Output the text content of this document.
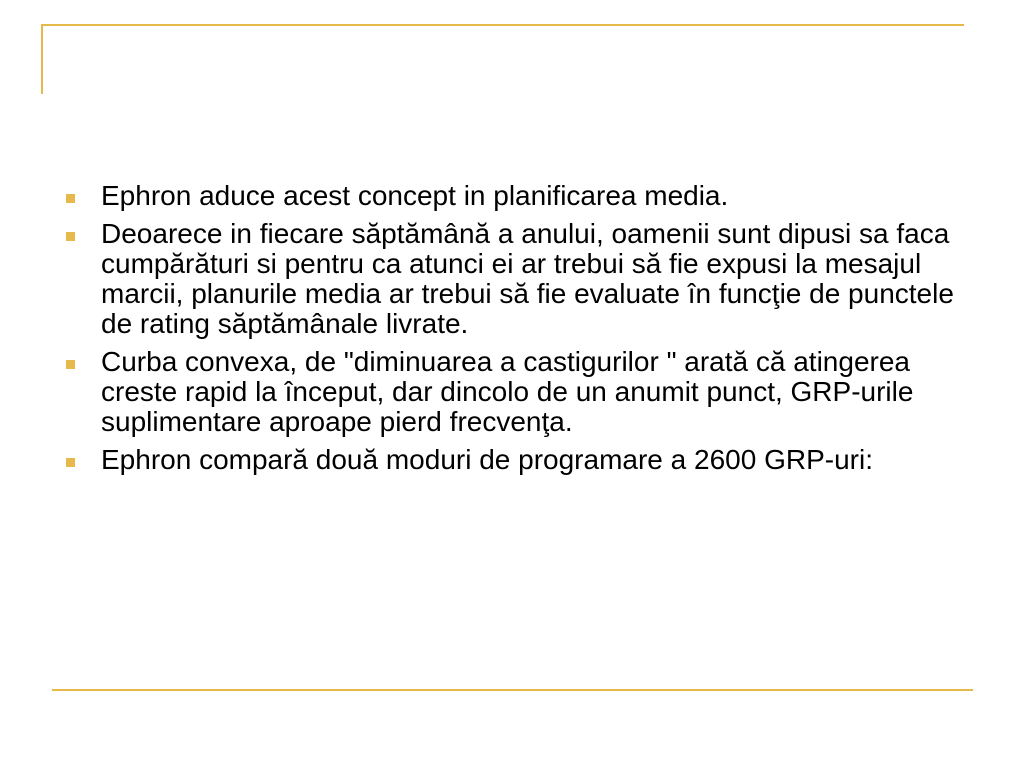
Ephron aduce acest concept in planificarea media.
Deoarece in fiecare săptămână a anului, oamenii sunt dipusi sa faca cumpărături si pentru ca atunci ei ar trebui să fie expusi la mesajul marcii, planurile media ar trebui să fie evaluate în funcţie de punctele de rating săptămânale livrate.
Curba convexa, de "diminuarea a castigurilor " arată că atingerea creste rapid la început, dar dincolo de un anumit punct, GRP-urile suplimentare aproape pierd frecvenţa.
Ephron compară două moduri de programare a 2600 GRP-uri:
